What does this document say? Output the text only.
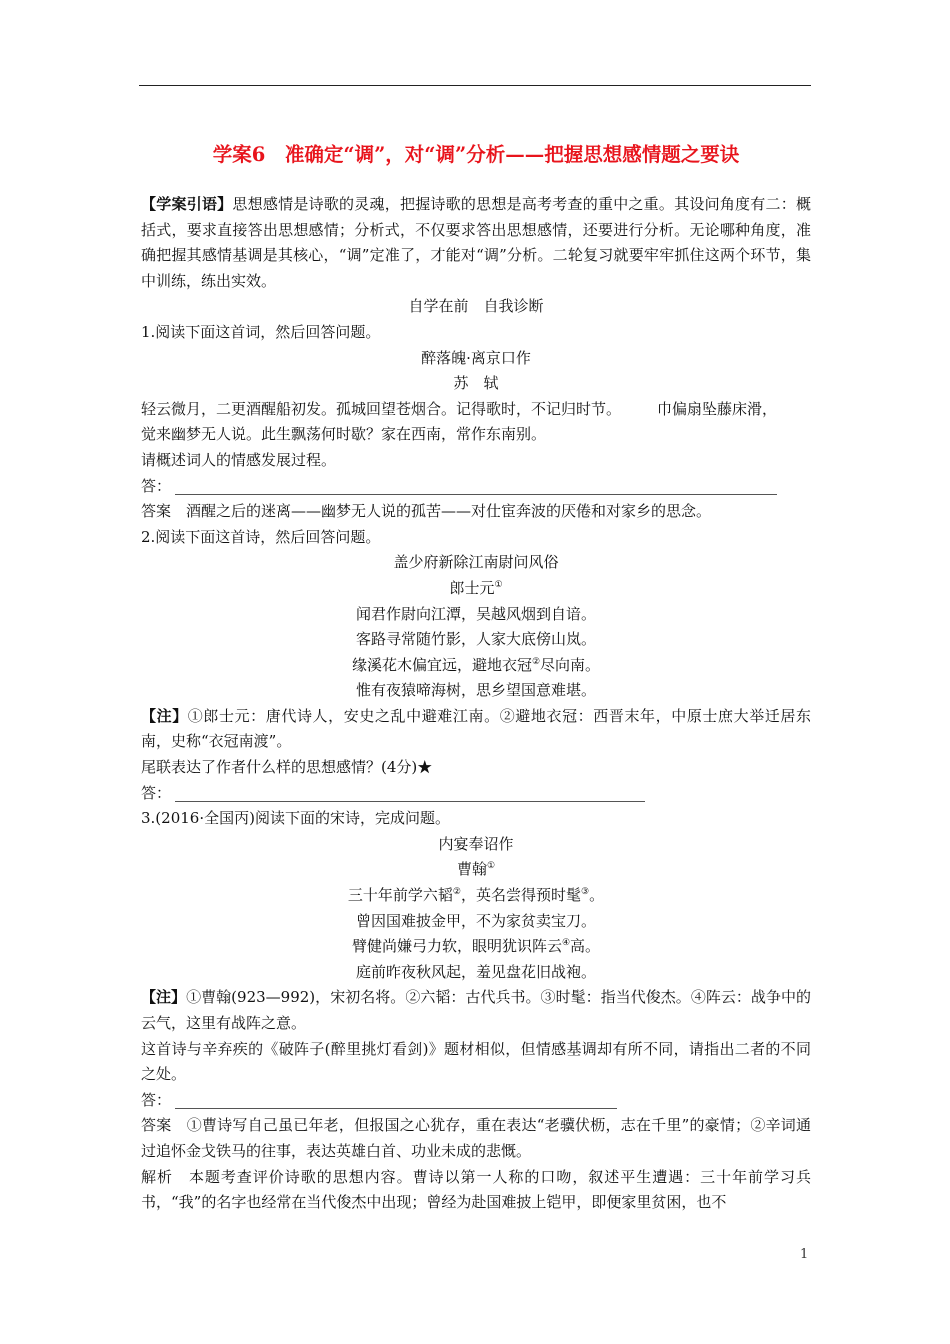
学案6　准确定“调”，对“调”分析——把握思想感情题之要诀

【学案引语】思想感情是诗歌的灵魂，把握诗歌的思想是高考考查的重中之重。其设问角度有二：概括式，要求直接答出思想感情；分析式，不仅要求答出思想感情，还要进行分析。无论哪种角度，准确把握其感情基调是其核心，“调”定准了，才能对“调”分析。二轮复习就要牢牢抓住这两个环节，集中训练，练出实效。

自学在前　自我诊断

1.阅读下面这首词，然后回答问题。

醉落魄·离京口作

苏　轼

轻云微月，二更酒醒船初发。孤城回望苍烟合。记得歌时，不记归时节。 巾偏扇坠藤床滑，

觉来幽梦无人说。此生飘荡何时歇？家在西南，常作东南别。

请概述词人的情感发展过程。

答：

答案　 酒醒之后的迷离——幽梦无人说的孤苦——对仕宦奔波的厌倦和对家乡的思念。

2.阅读下面这首诗，然后回答问题。

盖少府新除江南尉问风俗

郎士元①

闻君作尉向江潭，吴越风烟到自谙。

客路寻常随竹影，人家大底傍山岚。

缘溪花木偏宜远，避地衣冠②尽向南。

惟有夜猿啼海树，思乡望国意难堪。

【注】①郎士元：唐代诗人，安史之乱中避难江南。②避地衣冠：西晋末年，中原士庶大举迁居东南，史称“衣冠南渡”。

尾联表达了作者什么样的思想感情？(4分)★

答：

3.(2016·全国丙)阅读下面的宋诗，完成问题。

内宴奉诏作

曹翰①

三十年前学六韬②，英名尝得预时髦③。

曾因国难披金甲，不为家贫卖宝刀。

臂健尚嫌弓力软，眼明犹识阵云④高。

庭前昨夜秋风起，羞见盘花旧战袍。

【注】①曹翰(923—992)，宋初名将。②六韬：古代兵书。③时髦：指当代俊杰。④阵云：战争中的云气，这里有战阵之意。

这首诗与辛弃疾的《破阵子(醉里挑灯看剑)》题材相似，但情感基调却有所不同，请指出二者的不同之处。

答：

答案　 ①曹诗写自己虽已年老，但报国之心犹存，重在表达“老骥伏枥，志在千里”的豪情；②辛词通过追怀金戈铁马的往事，表达英雄白首、功业未成的悲慨。

解析　 本题考查评价诗歌的思想内容。曹诗以第一人称的口吻，叙述平生遭遇：三十年前学习兵书，“我”的名字也经常在当代俊杰中出现；曾经为赴国难披上铠甲，即便家里贫困，也不

1
